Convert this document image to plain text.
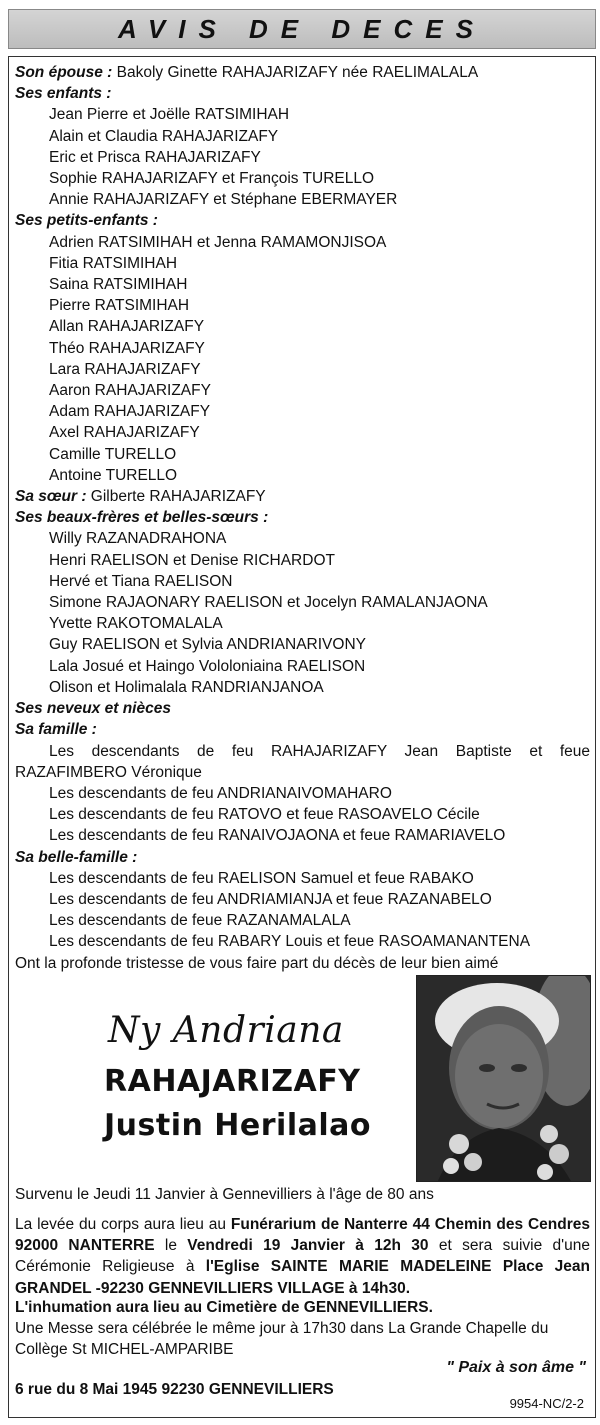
AVIS DE DECES
Son épouse : Bakoly Ginette RAHAJARIZAFY née RAELIMALALA
Ses enfants :
Jean Pierre et Joëlle RATSIMIHAH
Alain et Claudia RAHAJARIZAFY
Eric et Prisca RAHAJARIZAFY
Sophie RAHAJARIZAFY et François TURELLO
Annie RAHAJARIZAFY et Stéphane EBERMAYER
Ses petits-enfants :
Adrien RATSIMIHAH et Jenna RAMAMONJISOA
Fitia RATSIMIHAH
Saina RATSIMIHAH
Pierre RATSIMIHAH
Allan RAHAJARIZAFY
Théo RAHAJARIZAFY
Lara RAHAJARIZAFY
Aaron RAHAJARIZAFY
Adam RAHAJARIZAFY
Axel RAHAJARIZAFY
Camille TURELLO
Antoine TURELLO
Sa sœur : Gilberte RAHAJARIZAFY
Ses beaux-frères et belles-sœurs :
Willy RAZANADRAHONA
Henri RAELISON et Denise RICHARDOT
Hervé et Tiana RAELISON
Simone RAJAONARY RAELISON et Jocelyn RAMALANJAONA
Yvette RAKOTOMALALA
Guy RAELISON et Sylvia ANDRIANARIVONY
Lala Josué et Haingo Vololoniaina RAELISON
Olison et Holimalala RANDRIANJANOA
Ses neveux et nièces
Sa famille :
Les descendants de feu RAHAJARIZAFY Jean Baptiste et feue
RAZAFIMBERO Véronique
Les descendants de feu ANDRIANAIVOMAHARO
Les descendants de feu RATOVO et feue RASOAVELO Cécile
Les descendants de feu RANAIVOJAONA et feue RAMARIAVELO
Sa belle-famille :
Les descendants de feu RAELISON Samuel et feue RABAKO
Les descendants de feu ANDRIAMIANJA et feue RAZANABELO
Les descendants de feue RAZANAMALALA
Les descendants de feu RABARY Louis et feue RASOAMANANTENA
Ont la profonde tristesse de vous faire part du décès de leur bien aimé
Ny Andriana
RAHAJARIZAFY
Justin Herilalao
Survenu le Jeudi 11 Janvier à Gennevilliers à l'âge de 80 ans
La levée du corps aura lieu au Funérarium de Nanterre 44 Chemin des Cendres 92000 NANTERRE le Vendredi 19 Janvier à 12h 30 et sera suivie d'une Cérémonie Religieuse à l'Eglise SAINTE MARIE MADELEINE Place Jean GRANDEL -92230 GENNEVILLIERS VILLAGE à 14h30.
L'inhumation aura lieu au Cimetière de GENNEVILLIERS.
Une Messe sera célébrée le même jour à 17h30 dans La Grande Chapelle du Collège St MICHEL-AMPARIBE
" Paix à son âme "
6 rue du 8 Mai 1945 92230 GENNEVILLIERS
9954-NC/2-2
